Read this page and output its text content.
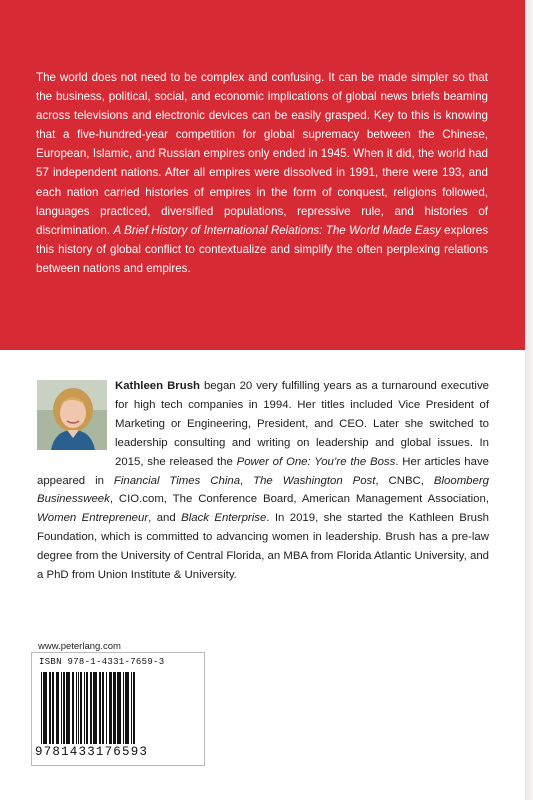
The world does not need to be complex and confusing. It can be made simpler so that the business, political, social, and economic implications of global news briefs beaming across televisions and electronic devices can be easily grasped. Key to this is knowing that a five-hundred-year competition for global supremacy between the Chinese, European, Islamic, and Russian empires only ended in 1945. When it did, the world had 57 independent nations. After all empires were dissolved in 1991, there were 193, and each nation carried histories of empires in the form of conquest, religions followed, languages practiced, diversified populations, repressive rule, and histories of discrimination. A Brief History of International Relations: The World Made Easy explores this history of global conflict to contextualize and simplify the often perplexing relations between nations and empires.

Kathleen Brush began 20 very fulfilling years as a turnaround executive for high tech companies in 1994. Her titles included Vice President of Marketing or Engineering, President, and CEO. Later she switched to leadership consulting and writing on leadership and global issues. In 2015, she released the Power of One: You’re the Boss. Her articles have appeared in Financial Times China, The Washington Post, CNBC, Bloomberg Businessweek, CIO.com, The Conference Board, American Management Association, Women Entrepreneur, and Black Enterprise. In 2019, she started the Kathleen Brush Foundation, which is committed to advancing women in leadership. Brush has a pre-law degree from the University of Central Florida, an MBA from Florida Atlantic University, and a PhD from Union Institute & University.
www.peterlang.com
ISBN 978-1-4331-7659-3
9781433176593
